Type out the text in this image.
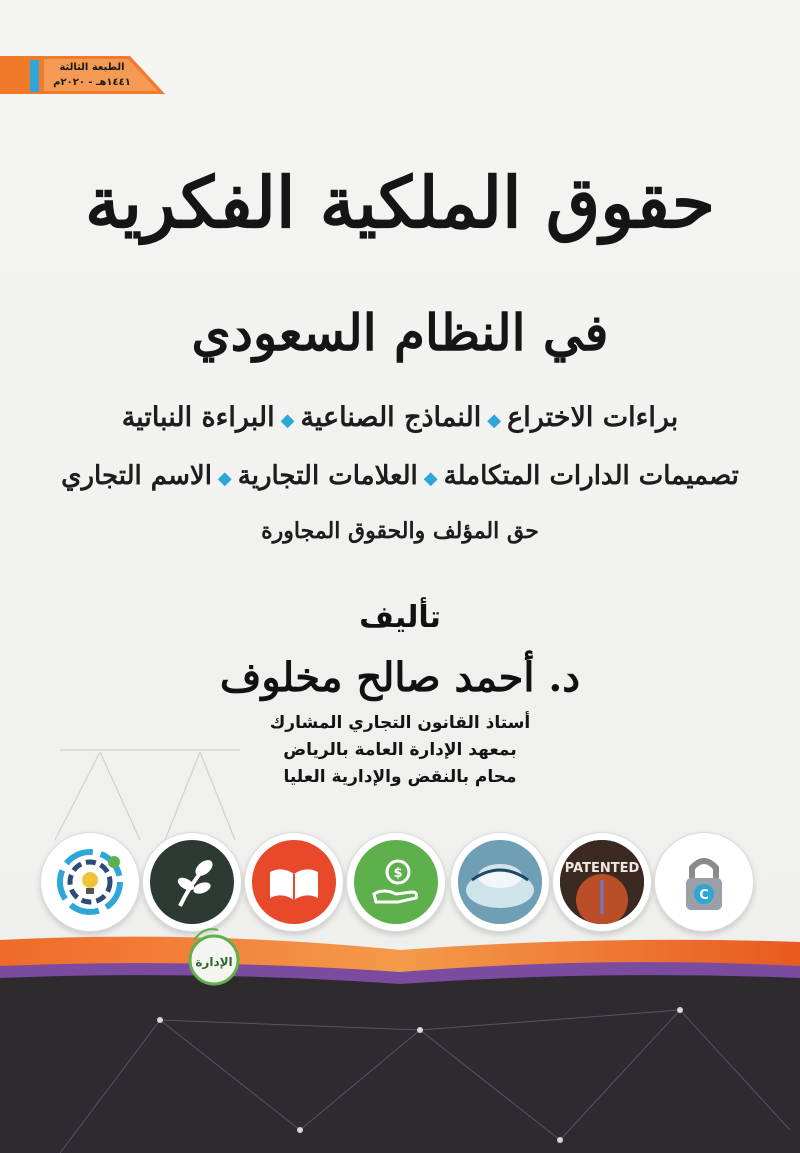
الطبعة الثالثة
١٤٤١هـ - ٢٠٢٠م
حقوق الملكية الفكرية
في النظام السعودي
براءات الاختراع◆النماذج الصناعية◆البراءة النباتية
تصميمات الدارات المتكاملة◆العلامات التجارية◆الاسم التجاري
حق المؤلف والحقوق المجاورة
تأليف
د. أحمد صالح مخلوف
أستاذ القانون التجاري المشارك
بمعهد الإدارة العامة بالرياض
محام بالنقض والإدارية العليا
$	PATENTED
C
الإدارة
